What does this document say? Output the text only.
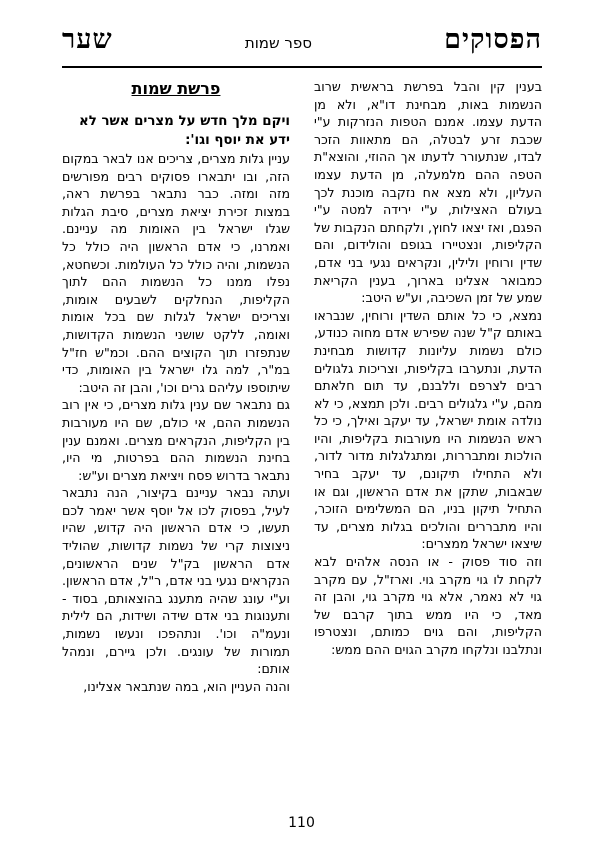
הפסוקים
ספר שמות
שער

בענין קין והבל בפרשת בראשית שרוב הנשמות באות, מבחינת דו"א, ולא מן הדעת עצמו. אמנם הטפות הנזרקות ע"י שכבת זרע לבטלה, הם מתאוות הזכר לבדו, שנתעורר לדעתו אך ההוזי, והוצא"ת הטפה ההם מלמעלה, מן הדעת עצמו העליון, ולא מצא אח נזקבה מוכנת לכך בעולם האצילות, ע"י ירידה למטה ע"י הפגם, ואז יצאו לחוץ, ולקחתם הנקבות של הקליפות, ונצטיירו בגופם והולידום, והם שדין ורוחין ולילין, ונקראים נגעי בני אדם, כמבואר אצלינו בארוך, בענין הקריאת שמע של זמן השכיבה, וע"ש היטב:

נמצא, כי כל אותם השדין ורוחין, שנבראו באותם ק"ל שנה שפירש אדם מחוה כנודע, כולם נשמות עליונות קדושות מבחינת הדעת, ונתערבו בקליפות, וצריכות גלגולים רבים לצרפם וללבנם, עד תום חלאתם מהם, ע"י גלגולים רבים. ולכן תמצא, כי לא נולדה אומת ישראל, עד יעקב ואילך, כי כל ראש הנשמות היו מעורבות בקליפות, והיו הולכות ומתבררות, ומתגלגלות מדור לדור, ולא התחילו תיקונם, עד יעקב בחיר שבאבות, שתקן את אדם הראשון, וגם או התחיל תיקון בניו, הם המשלימים הזוכר, והיו מתבררים והולכים בגלות מצרים, עד שיצאו ישראל ממצרים:

וזה סוד פסוק - או הנסה אלהים לבא לקחת לו גוי מקרב גוי. וארז"ל, עם מקרב גוי לא נאמר, אלא גוי מקרב גוי, והבן זה מאד, כי היו ממש בתוך קרבם של הקליפות, והם גוים כמותם, ונצטרפו ונתלבנו ונלקחו מקרב הגוים ההם ממש:

פרשת שמות

ויקם מלך חדש על מצרים אשר לא

ידע את יוסף וגו':

עניין גלות מצרים, צריכים אנו לבאר במקום הזה, ובו יתבארו פסוקים רבים מפורשים מזה ומזה. כבר נתבאר בפרשת ראה, במצות זכירת יציאת מצרים, סיבת הגלות שגלו ישראל בין האומות מה עניינם. ואמרנו, כי אדם הראשון היה כולל כל הנשמות, והיה כולל כל העולמות. וכשחטא, נפלו ממנו כל הנשמות ההם לתוך הקליפות, הנחלקים לשבעים אומות, וצריכים ישראל לגלות שם בכל אומות ואומה, ללקט שושני הנשמות הקדושות, שנתפזרו תוך הקוצים ההם. וכמ"ש חז"ל במ"ר, למה גלו ישראל בין האומות, כדי שיתוספו עליהם גרים וכו', והבן זה היטב:

גם נתבאר שם ענין גלות מצרים, כי אין רוב הנשמות ההם, אי כולם, שם היו מעורבות בין הקליפות, הנקראים מצרים. ואמנם ענין בחינת הנשמות ההם בפרטות, מי היו, נתבאר בדרוש פסח ויציאת מצרים וע"ש:

ועתה נבאר עניינם בקיצור, הנה נתבאר לעיל, בפסוק לכו אל יוסף אשר יאמר לכם תעשו, כי אדם הראשון היה קדוש, שהיו ניצוצות קרי של נשמות קדושות, שהוליד אדם הראשון בק"ל שנים הראשונים, הנקראים נגעי בני אדם, ר"ל, אדם הראשון. וע"י עונג שהיה מתענג בהוצאותם, בסוד - ותענוגות בני אדם שידה ושידות, הם לילית ונעמ"ה וכו'. ונתהפכו ונעשו נשמות, תמורות של עונגים. ולכן גיירם, ונמהל אותם:

והנה העניין הוא, במה שנתבאר אצלינו,

110
